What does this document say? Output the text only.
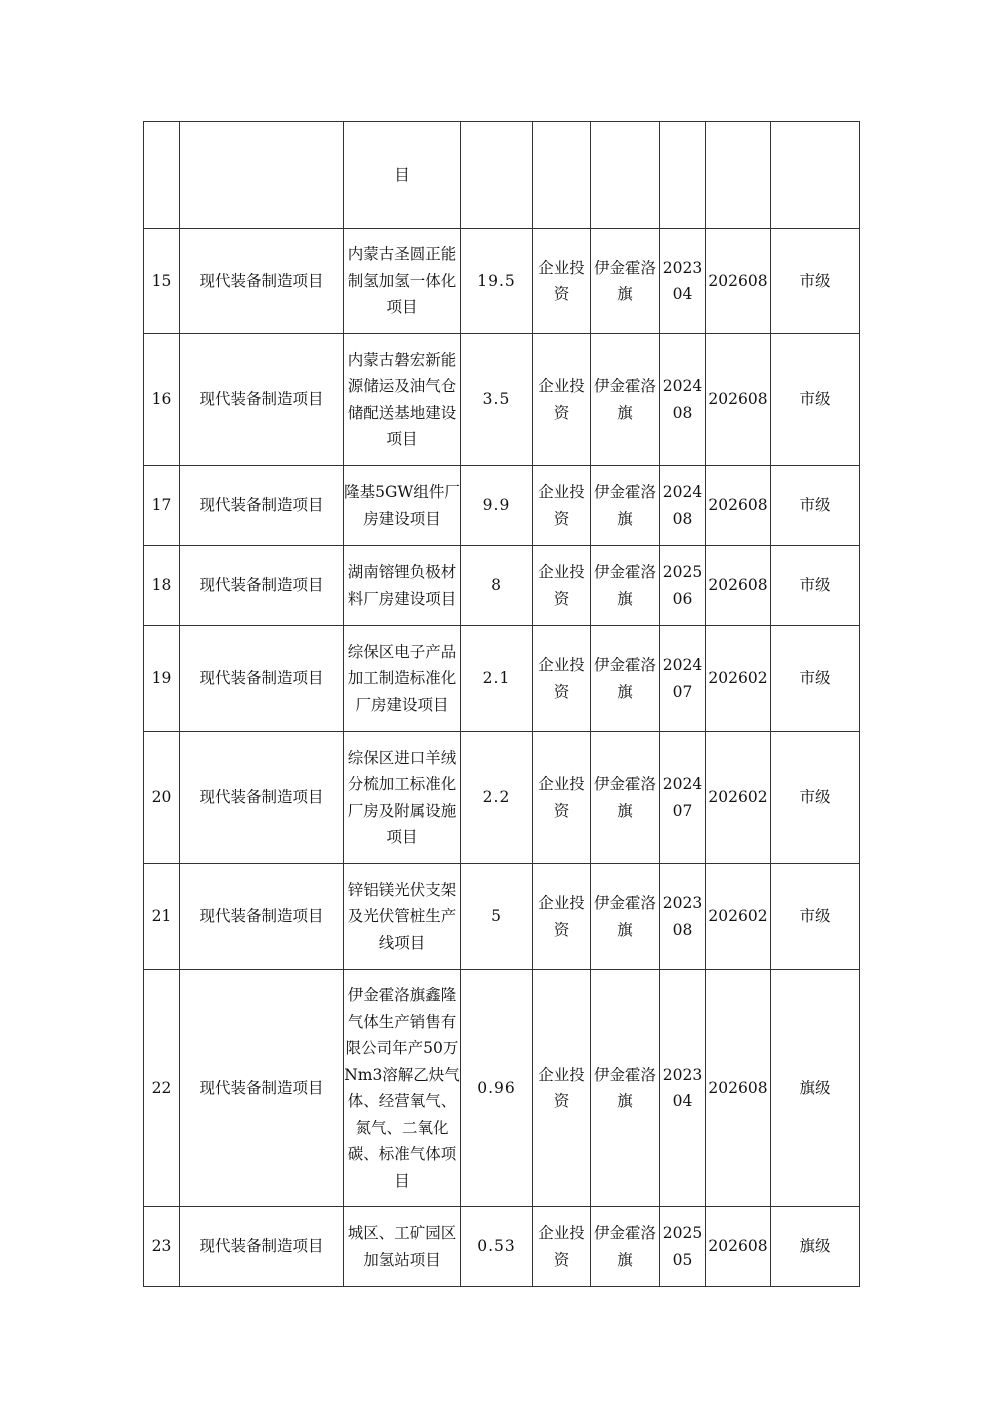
		目						
15	现代装备制造项目	内蒙古圣圆正能制氢加氢一体化项目	19.5	企业投资	伊金霍洛旗	202304	202608	市级
16	现代装备制造项目	内蒙古磐宏新能源储运及油气仓储配送基地建设项目	3.5	企业投资	伊金霍洛旗	202408	202608	市级
17	现代装备制造项目	隆基5GW组件厂房建设项目	9.9	企业投资	伊金霍洛旗	202408	202608	市级
18	现代装备制造项目	湖南镕锂负极材料厂房建设项目	8	企业投资	伊金霍洛旗	202506	202608	市级
19	现代装备制造项目	综保区电子产品加工制造标准化厂房建设项目	2.1	企业投资	伊金霍洛旗	202407	202602	市级
20	现代装备制造项目	综保区进口羊绒分梳加工标准化厂房及附属设施项目	2.2	企业投资	伊金霍洛旗	202407	202602	市级
21	现代装备制造项目	锌铝镁光伏支架及光伏管桩生产线项目	5	企业投资	伊金霍洛旗	202308	202602	市级
22	现代装备制造项目	伊金霍洛旗鑫隆气体生产销售有限公司年产50万Nm3溶解乙炔气体、经营氧气、氮气、二氧化碳、标准气体项目	0.96	企业投资	伊金霍洛旗	202304	202608	旗级
23	现代装备制造项目	城区、工矿园区加氢站项目	0.53	企业投资	伊金霍洛旗	202505	202608	旗级
